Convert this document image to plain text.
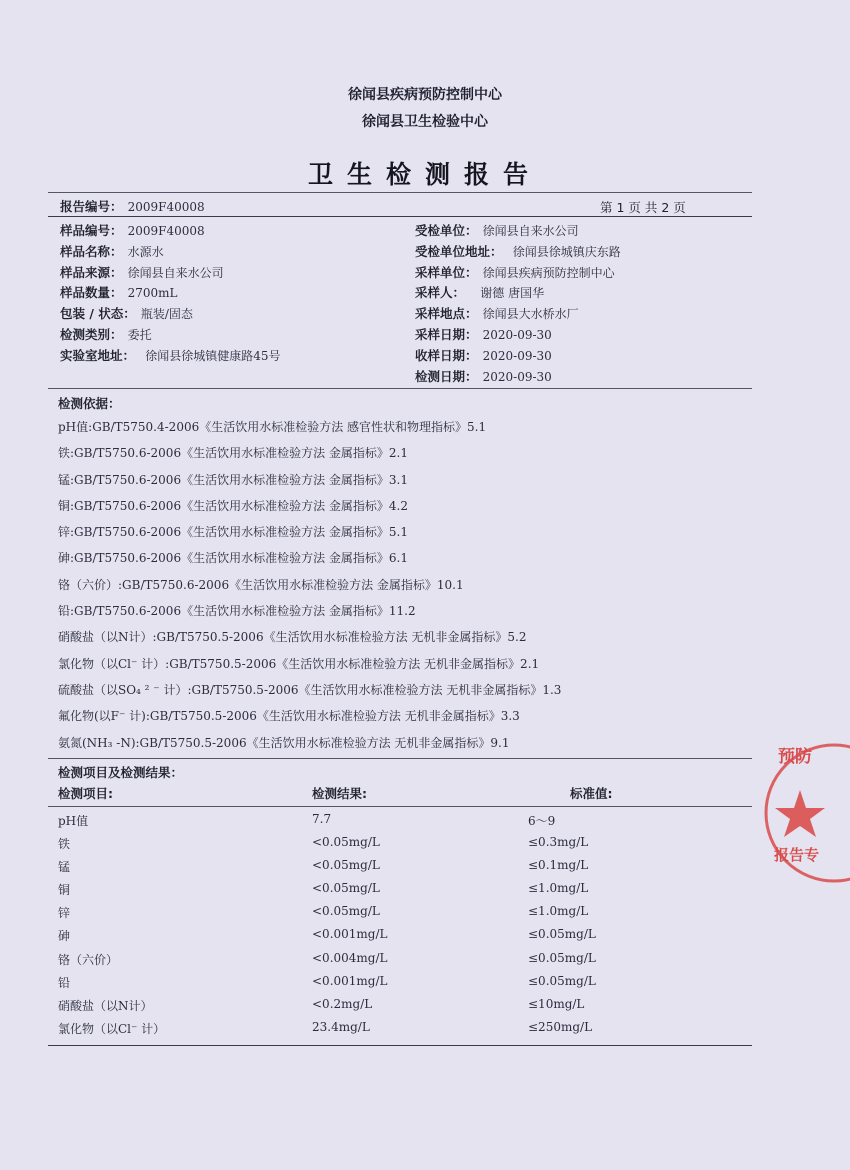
徐闻县疾病预防控制中心
徐闻县卫生检验中心
卫生检测报告
报告编号： 2009F40008	第 1 页 共 2 页
样品编号： 2009F40008
样品名称： 水源水
样品来源： 徐闻县自来水公司
样品数量： 2700mL
包装 / 状态： 瓶装/固态
检测类别： 委托
实验室地址： 徐闻县徐城镇健康路45号
受检单位： 徐闻县自来水公司
受检单位地址： 徐闻县徐城镇庆东路
采样单位： 徐闻县疾病预防控制中心
采样人： 谢德 唐国华
采样地点： 徐闻县大水桥水厂
采样日期： 2020-09-30
收样日期： 2020-09-30
检测日期： 2020-09-30
检测依据：
pH值:GB/T5750.4-2006《生活饮用水标准检验方法 感官性状和物理指标》5.1
铁:GB/T5750.6-2006《生活饮用水标准检验方法 金属指标》2.1
锰:GB/T5750.6-2006《生活饮用水标准检验方法 金属指标》3.1
铜:GB/T5750.6-2006《生活饮用水标准检验方法 金属指标》4.2
锌:GB/T5750.6-2006《生活饮用水标准检验方法 金属指标》5.1
砷:GB/T5750.6-2006《生活饮用水标准检验方法 金属指标》6.1
铬（六价）:GB/T5750.6-2006《生活饮用水标准检验方法 金属指标》10.1
铅:GB/T5750.6-2006《生活饮用水标准检验方法 金属指标》11.2
硝酸盐（以N计）:GB/T5750.5-2006《生活饮用水标准检验方法 无机非金属指标》5.2
氯化物（以Cl⁻ 计）:GB/T5750.5-2006《生活饮用水标准检验方法 无机非金属指标》2.1
硫酸盐（以SO₄ ² ⁻ 计）:GB/T5750.5-2006《生活饮用水标准检验方法 无机非金属指标》1.3
氟化物(以F⁻ 计):GB/T5750.5-2006《生活饮用水标准检验方法 无机非金属指标》3.3
氨氮(NH₃ -N):GB/T5750.5-2006《生活饮用水标准检验方法 无机非金属指标》9.1
检测项目及检测结果：
检测项目:	检测结果:	标准值:
pH值	7.7	6～9
铁	<0.05mg/L	≤0.3mg/L
锰	<0.05mg/L	≤0.1mg/L
铜	<0.05mg/L	≤1.0mg/L
锌	<0.05mg/L	≤1.0mg/L
砷	<0.001mg/L	≤0.05mg/L
铬（六价）	<0.004mg/L	≤0.05mg/L
铅	<0.001mg/L	≤0.05mg/L
硝酸盐（以N计）	<0.2mg/L	≤10mg/L
氯化物（以Cl⁻ 计）	23.4mg/L	≤250mg/L
预防
报告专
